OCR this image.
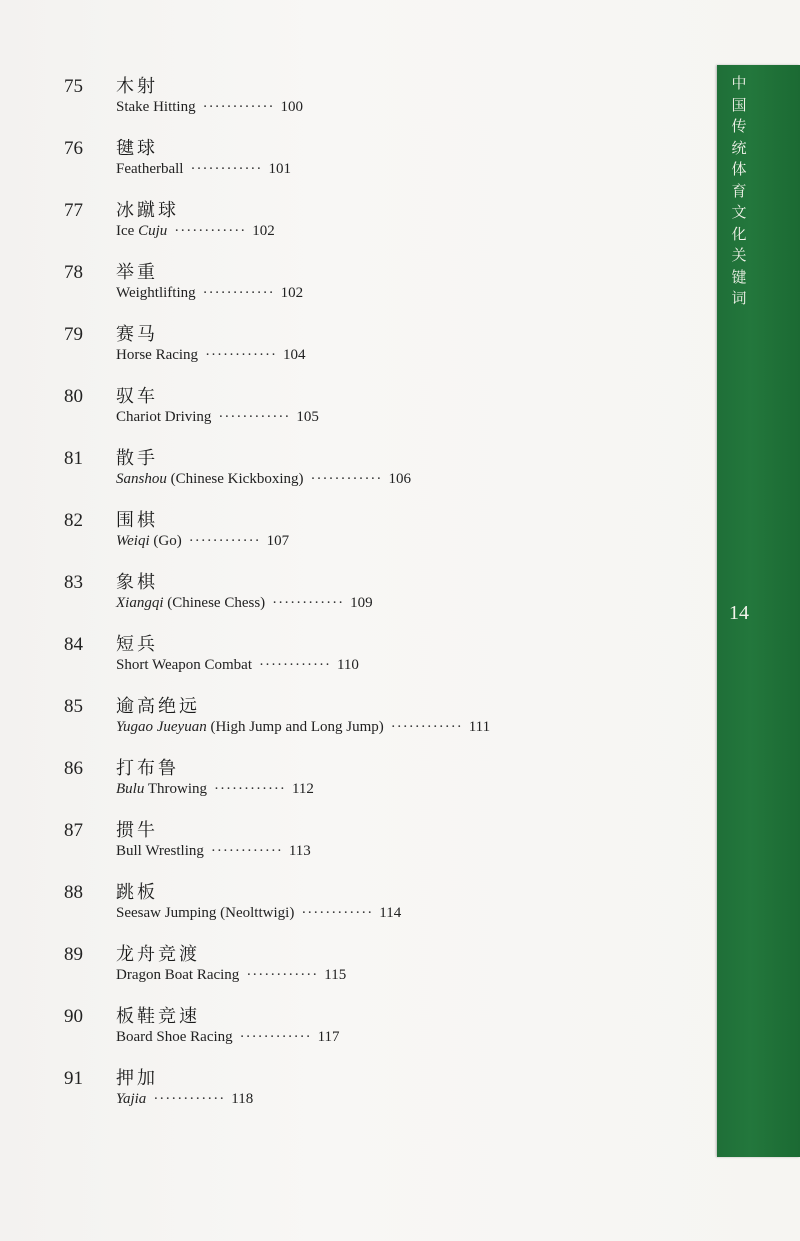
75 木射
Stake Hitting ············ 100
76 毽球
Featherball ············ 101
77 冰蹴球
Ice Cuju ············ 102
78 举重
Weightlifting ············ 102
79 赛马
Horse Racing ············ 104
80 驭车
Chariot Driving ············ 105
81 散手
Sanshou (Chinese Kickboxing) ············ 106
82 围棋
Weiqi (Go) ············ 107
83 象棋
Xiangqi (Chinese Chess) ············ 109
84 短兵
Short Weapon Combat ············ 110
85 逾高绝远
Yugao Jueyuan (High Jump and Long Jump) ············ 111
86 打布鲁
Bulu Throwing ············ 112
87 掼牛
Bull Wrestling ············ 113
88 跳板
Seesaw Jumping (Neolttwigi) ············ 114
89 龙舟竞渡
Dragon Boat Racing ············ 115
90 板鞋竞速
Board Shoe Racing ············ 117
91 押加
Yajia ············ 118
中国传统体育文化关键词
14
